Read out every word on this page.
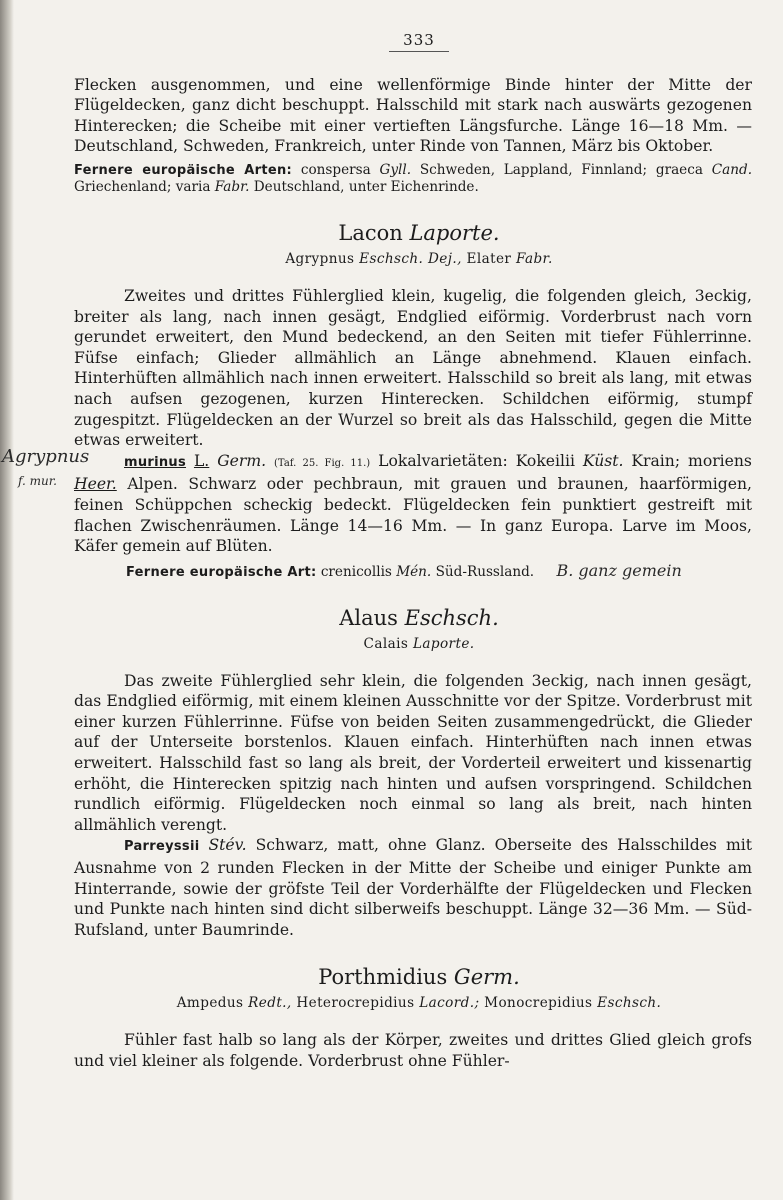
333

Flecken ausgenommen, und eine wellenförmige Binde hinter der Mitte der Flügeldecken, ganz dicht beschuppt. Halsschild mit stark nach auswärts gezogenen Hinterecken; die Scheibe mit einer vertieften Längsfurche. Länge 16—18 Mm. — Deutschland, Schweden, Frankreich, unter Rinde von Tannen, März bis Oktober.

Fernere europäische Arten: conspersa Gyll. Schweden, Lappland, Finnland; graeca Cand. Griechenland; varia Fabr. Deutschland, unter Eichenrinde.

Lacon Laporte.
Agrypnus Eschsch. Dej., Elater Fabr.

Zweites und drittes Fühlerglied klein, kugelig, die folgenden gleich, 3eckig, breiter als lang, nach innen gesägt, Endglied eiförmig. Vorderbrust nach vorn gerundet erweitert, den Mund bedeckend, an den Seiten mit tiefer Fühlerrinne. Füfse einfach; Glieder allmählich an Länge abnehmend. Klauen einfach. Hinterhüften allmählich nach innen erweitert. Halsschild so breit als lang, mit etwas nach aufsen gezogenen, kurzen Hinterecken. Schildchen eiförmig, stumpf zugespitzt. Flügeldecken an der Wurzel so breit als das Halsschild, gegen die Mitte etwas erweitert.

Agrypnus
f. mur.

murinus L. Germ. (Taf. 25. Fig. 11.) Lokalvarietäten: Kokeilii Küst. Krain; moriens Heer. Alpen. Schwarz oder pechbraun, mit grauen und braunen, haarförmigen, feinen Schüppchen scheckig bedeckt. Flügeldecken fein punktiert gestreift mit flachen Zwischenräumen. Länge 14—16 Mm. — In ganz Europa. Larve im Moos, Käfer gemein auf Blüten.

Fernere europäische Art: crenicollis Mén. Süd-Russland. B. ganz gemein

Alaus Eschsch.
Calais Laporte.

Das zweite Fühlerglied sehr klein, die folgenden 3eckig, nach innen gesägt, das Endglied eiförmig, mit einem kleinen Ausschnitte vor der Spitze. Vorderbrust mit einer kurzen Fühlerrinne. Füfse von beiden Seiten zusammengedrückt, die Glieder auf der Unterseite borstenlos. Klauen einfach. Hinterhüften nach innen etwas erweitert. Halsschild fast so lang als breit, der Vorderteil erweitert und kissenartig erhöht, die Hinterecken spitzig nach hinten und aufsen vorspringend. Schildchen rundlich eiförmig. Flügeldecken noch einmal so lang als breit, nach hinten allmählich verengt.

Parreyssii Stév. Schwarz, matt, ohne Glanz. Oberseite des Halsschildes mit Ausnahme von 2 runden Flecken in der Mitte der Scheibe und einiger Punkte am Hinterrande, sowie der gröfste Teil der Vorderhälfte der Flügeldecken und Flecken und Punkte nach hinten sind dicht silberweifs beschuppt. Länge 32—36 Mm. — Süd-Rufsland, unter Baumrinde.

Porthmidius Germ.
Ampedus Redt., Heterocrepidius Lacord.; Monocrepidius Eschsch.

Fühler fast halb so lang als der Körper, zweites und drittes Glied gleich grofs und viel kleiner als folgende. Vorderbrust ohne Fühler-
